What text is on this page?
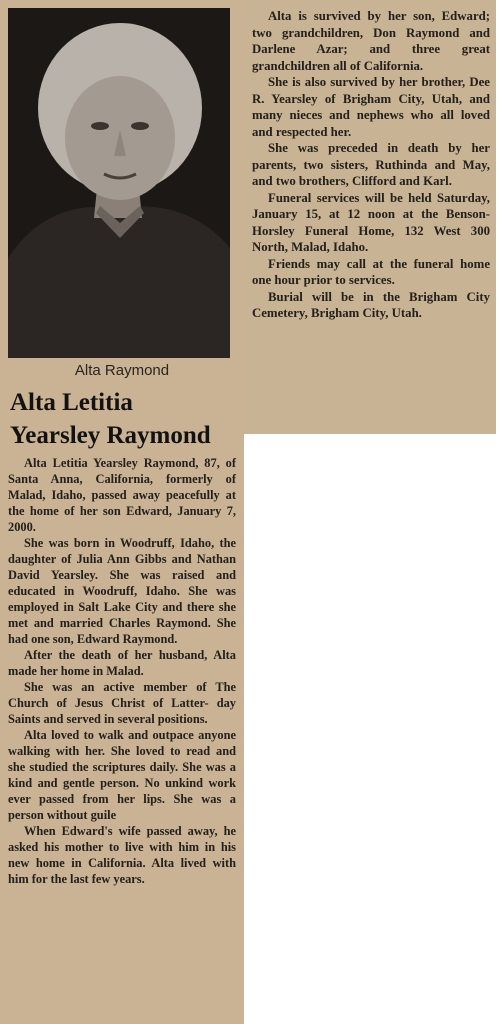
Alta Raymond
Alta Letitia
Yearsley Raymond

Alta Letitia Yearsley Raymond, 87, of Santa Anna, California, formerly of Malad, Idaho, passed away peacefully at the home of her son Edward, January 7, 2000.

She was born in Woodruff, Idaho, the daughter of Julia Ann Gibbs and Nathan David Yearsley. She was raised and educated in Woodruff, Idaho. She was employed in Salt Lake City and there she met and married Charles Raymond. She had one son, Edward Raymond.

After the death of her husband, Alta made her home in Malad.

She was an active member of The Church of Jesus Christ of Latter- day Saints and served in several positions.

Alta loved to walk and outpace anyone walking with her. She loved to read and she studied the scriptures daily. She was a kind and gentle person. No unkind work ever passed from her lips. She was a person without guile

When Edward's wife passed away, he asked his mother to live with him in his new home in California. Alta lived with him for the last few years.

Alta is survived by her son, Edward; two grandchildren, Don Raymond and Darlene Azar; and three great grandchildren all of California.

She is also survived by her brother, Dee R. Yearsley of Brigham City, Utah, and many nieces and nephews who all loved and respected her.

She was preceded in death by her parents, two sisters, Ruthinda and May, and two brothers, Clifford and Karl.

Funeral services will be held Saturday, January 15, at 12 noon at the Benson-Horsley Funeral Home, 132 West 300 North, Malad, Idaho.

Friends may call at the funeral home one hour prior to services.

Burial will be in the Brigham City Cemetery, Brigham City, Utah.
